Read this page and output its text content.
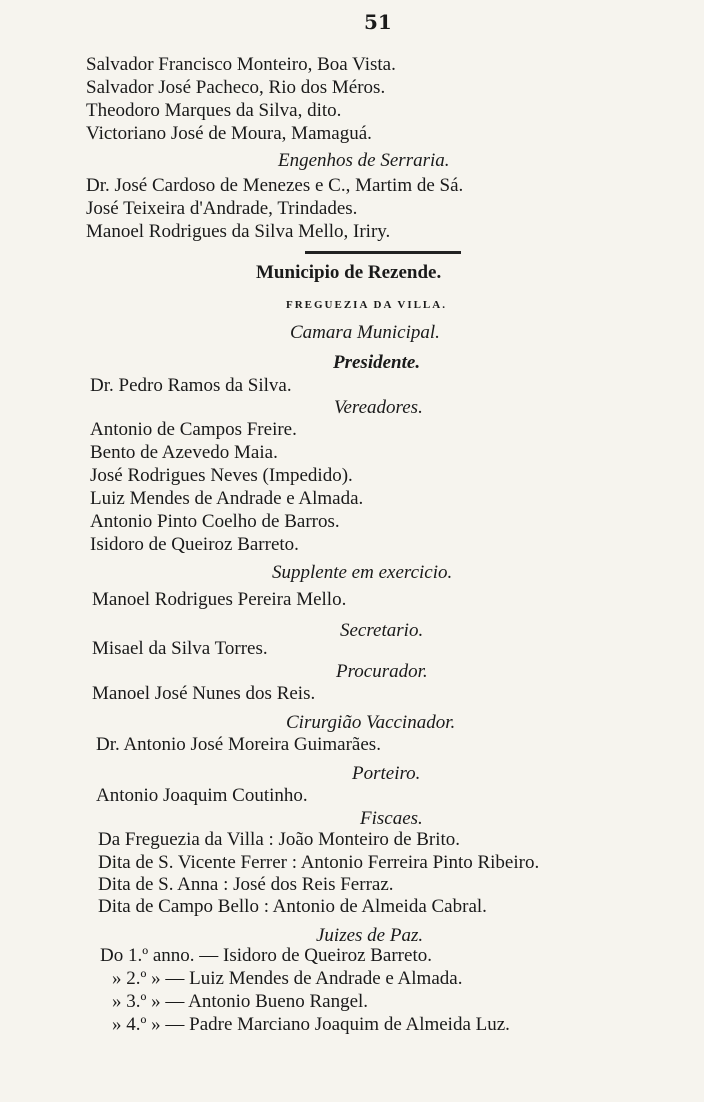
51
Salvador Francisco Monteiro, Boa Vista.
Salvador José Pacheco, Rio dos Méros.
Theodoro Marques da Silva, dito.
Victoriano José de Moura, Mamaguá.
Engenhos de Serraria.
Dr. José Cardoso de Menezes e C., Martim de Sá.
José Teixeira d'Andrade, Trindades.
Manoel Rodrigues da Silva Mello, Iriry.
Municipio de Rezende.
FREGUEZIA DA VILLA.
Camara Municipal.
Presidente.
Dr. Pedro Ramos da Silva.
Vereadores.
Antonio de Campos Freire.
Bento de Azevedo Maia.
José Rodrigues Neves (Impedido).
Luiz Mendes de Andrade e Almada.
Antonio Pinto Coelho de Barros.
Isidoro de Queiroz Barreto.
Supplente em exercicio.
Manoel Rodrigues Pereira Mello.
Secretario.
Misael da Silva Torres.
Procurador.
Manoel José Nunes dos Reis.
Cirurgião Vaccinador.
Dr. Antonio José Moreira Guimarães.
Porteiro.
Antonio Joaquim Coutinho.
Fiscaes.
Da Freguezia da Villa : João Monteiro de Brito.
Dita de S. Vicente Ferrer : Antonio Ferreira Pinto Ribeiro.
Dita de S. Anna : José dos Reis Ferraz.
Dita de Campo Bello : Antonio de Almeida Cabral.
Juizes de Paz.
Do 1.º anno. — Isidoro de Queiroz Barreto.
» 2.º » — Luiz Mendes de Andrade e Almada.
» 3.º » — Antonio Bueno Rangel.
» 4.º » — Padre Marciano Joaquim de Almeida Luz.
